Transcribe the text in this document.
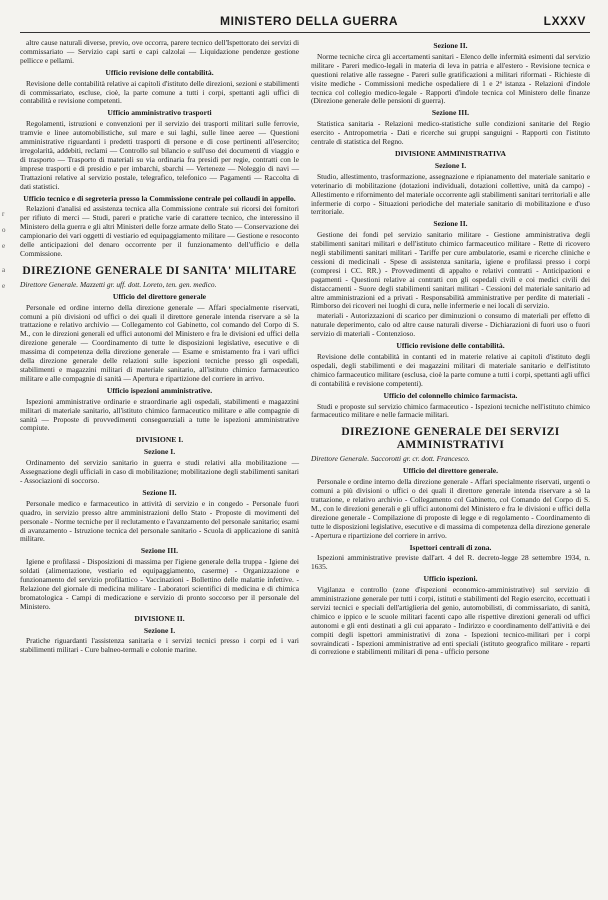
r

o

e

a

e
MINISTERO DELLA GUERRA	LXXXV

altre cause naturali diverse, previo, ove occorra, parere tecnico dell'Ispettorato dei servizi di commissariato — Servizio capi sarti e capi calzolai — Liquidazione pendenze gestione pellicce e pellami.

Ufficio revisione delle contabilità.

Revisione delle contabilità relative ai capitoli d'istituto delle direzioni, sezioni e stabilimenti di commissariato, escluse, cioè, la parte comune a tutti i corpi, spettanti agli uffici di contabilità e revisione competenti.

Ufficio amministrativo trasporti

Regolamenti, istruzioni e convenzioni per il servizio dei trasporti militari sulle ferrovie, tramvie e linee automobilistiche, sul mare e sui laghi, sulle linee aeree — Questioni amministrative riguardanti i predetti trasporti di persone e di cose pertinenti all'esercito; irregolarità, addebiti, reclami — Controllo sul bilancio e sull'uso dei documenti di viaggio e di trasporto — Trasporto di materiali su via ordinaria fra presidi per regie, contratti con le imprese trasporti e di presidio e per imbarchi, sbarchi — Verteneze — Noleggio di navi — Trattazioni relative al servizio postale, telegrafico, telefonico — Pagamenti — Raccolta di dati statistici.

Ufficio tecnico e di segreteria presso la Commissione centrale pei collaudi in appello.

Relazioni d'analisi ed assistenza tecnica alla Commissione centrale sui ricorsi dei fornitori per rifiuto di merci — Studi, pareri e pratiche varie di carattere tecnico, che interessino il Ministero della guerra e gli altri Ministeri delle forze armate dello Stato — Conservazione dei campionario dei vari oggetti di vestiario ed equipaggiamento militare — Gestione e resoconto delle anticipazioni del denaro occorrente per il funzionamento dell'ufficio e della Commissione.

DIREZIONE GENERALE DI SANITA' MILITARE
Direttore Generale. Mazzetti gr. uff. dott. Loreto, ten. gen. medico.
Ufficio del direttore generale

Personale ed ordine interno della direzione generale — Affari specialmente riservati, comuni a più divisioni od uffici o dei quali il direttore generale intenda riservare a sè la trattazione e relativo archivio — Collegamento col Gabinetto, col comando del Corpo di S. M., con le direzioni generali ed uffici autonomi del Ministero e fra le divisioni ed uffici della direzione generale — Coordinamento di tutte le disposizioni legislative, esecutive e di massima di competenza della direzione generale — Esame e smistamento fra i vari uffici della direzione generale delle relazioni sulle ispezioni tecniche presso gli ospedali, stabilimenti e magazzini militari di materiale sanitario, all'istituto chimico farmaceutico militare e alle compagnie di sanità — Apertura e ripartizione del corriere in arrivo.

Ufficio ispezioni amministrative.

Ispezioni amministrative ordinarie e straordinarie agli ospedali, stabilimenti e magazzini militari di materiale sanitario, all'istituto chimico farmaceutico militare e alle compagnie di sanità — Proposte di provvedimenti conseguenziali a tutte le ispezioni amministrative compiute.

DIVISIONE I.
Sezione I.

Ordinamento del servizio sanitario in guerra e studi relativi alla mobilitazione — Assegnazione degli ufficiali in caso di mobilitazione; mobilitazione degli stabilimenti sanitari - Associazioni di soccorso.

Sezione II.

Personale medico e farmaceutico in attività di servizio e in congedo - Personale fuori quadro, in servizio presso altre amministrazioni dello Stato - Proposte di movimenti del personale - Norme tecniche per il reclutamento e l'avanzamento del personale sanitario; esami di avanzamento - Istruzione tecnica del personale sanitario - Scuola di applicazione di sanità militare.

Sezione III.

Igiene e profilassi - Disposizioni di massima per l'igiene generale della truppa - Igiene dei soldati (alimentazione, vestiario ed equipaggiamento, caserme) - Organizzazione e funzionamento del servizio profilattico - Vaccinazioni - Bollettino delle malattie infettive. - Relazione del giornale di medicina militare - Laboratori scientifici di medicina e di chimica bromatologica - Campi di medicazione e servizio di pronto soccorso per il personale del Ministero.

DIVISIONE II.
Sezione I.

Pratiche riguardanti l'assistenza sanitaria e i servizi tecnici presso i corpi ed i vari stabilimenti militari - Cure balneo-termali e colonie marine.

Sezione II.

Norme tecniche circa gli accertamenti sanitari - Elenco delle infermità esimenti dal servizio militare - Pareri medico-legali in materia di leva in patria e all'estero - Revisione tecnica e questioni relative alle rassegne - Pareri sulle gratificazioni a militari riformati - Richieste di visite mediche - Commissioni mediche ospedaliere di 1 e 2ª istanza - Relazioni d'indole tecnica col collegio medico-legale - Rapporti d'indole tecnica col Ministero delle finanze (Direzione generale delle pensioni di guerra).

Sezione III.

Statistica sanitaria - Relazioni medico-statistiche sulle condizioni sanitarie del Regio esercito - Antropometria - Dati e ricerche sui gruppi sanguigni - Rapporti con l'istituto centrale di statistica del Regno.

DIVISIONE AMMINISTRATIVA
Sezione I.

Studio, allestimento, trasformazione, assegnazione e ripianamento del materiale sanitario e veterinario di mobilitazione (dotazioni individuali, dotazioni collettive, unità da campo) - Allestimento e rifornimento del materiale occorrente agli stabilimenti sanitari territoriali e alle infermerie di corpo - Situazioni periodiche del materiale sanitario di mobilitazione e d'uso territoriale.

Sezione II.

Gestione dei fondi pel servizio sanitario militare - Gestione amministrativa degli stabilimenti sanitari militari e dell'istituto chimico farmaceutico militare - Rette di ricovero negli stabilimenti sanitari militari - Tariffe per cure ambulatorie, esami e ricerche cliniche e cessioni di medicinali - Spese di assistenza sanitaria, igiene e profilassi presso i corpi (compresi i CC. RR.) - Provvedimenti di appalto e relativi contratti - Anticipazioni e pagamenti - Questioni relative ai contratti con gli ospedali civili e coi medici civili dei distaccamenti - Suore degli stabilimenti sanitari militari - Cessioni del materiale sanitario ad altre amministrazioni ed a privati - Responsabilità amministrative per perdite di materiali - Rimborso dei ricoveri nei luoghi di cura, nelle infermerie e nei locali di servizio.

materiali - Autorizzazioni di scarico per diminuzioni o consumo di materiali per effetto di naturale deperimento, calo od altre cause naturali diverse - Dichiarazioni di fuori uso o fuori servizio di materiali - Contenzioso.

Ufficio revisione delle contabilità.

Revisione delle contabilità in contanti ed in materie relative ai capitoli d'istituto degli ospedali, degli stabilimenti e dei magazzini militari di materiale sanitario e dell'istituto chimico farmaceutico militare (esclusa, cioè la parte comune a tutti i corpi, spettanti agli uffici di contabilità e revisione competenti).

Ufficio del colonnello chimico farmacista.

Studi e proposte sul servizio chimico farmaceutico - Ispezioni tecniche nell'istituto chimico farmaceutico militare e nelle farmacie militari.

DIREZIONE GENERALE DEI SERVIZI AMMINISTRATIVI
Direttore Generale. Saccorotti gr. cr. dott. Francesco.
Ufficio del direttore generale.

Personale e ordine interno della direzione generale - Affari specialmente riservati, urgenti o comuni a più divisioni o uffici o dei quali il direttore generale intenda riservare a sè la trattazione, e relativo archivio - Collegamento col Gabinetto, col Comando del Corpo di S. M., con le direzioni generali e gli uffici autonomi del Ministero e fra le divisioni e uffici della direzione generale - Compilazione di proposte di legge e di regolamento - Coordinamento di tutte le disposizioni legislative, esecutive e di massima di competenza della direzione generale - Apertura e ripartizione del corriere in arrivo.

Ispettori centrali di zona.

Ispezioni amministrative previste dall'art. 4 del R. decreto-legge 28 settembre 1934, n. 1635.

Ufficio ispezioni.

Vigilanza e controllo (zone d'ispezioni economico-amministrative) sul servizio di amministrazione generale per tutti i corpi, istituti e stabilimenti del Regio esercito, eccettuati i servizi tecnici e speciali dell'artiglieria del genio, automobilisti, di commissariato, di sanità, chimico e ippico e le scuole militari facenti capo alle rispettive direzioni generali od uffici autonomi e gli enti destinati a gli cui apparato - Indirizzo e coordinamento dell'attività e dei compiti degli ispettori amministrativi di zona - Ispezioni tecnico-militari per i corpi sovraindicati - Ispezioni amministrative ad enti speciali (istituto geografico militare - reparti di correzione e stabilimenti militari di pena - ufficio persone
